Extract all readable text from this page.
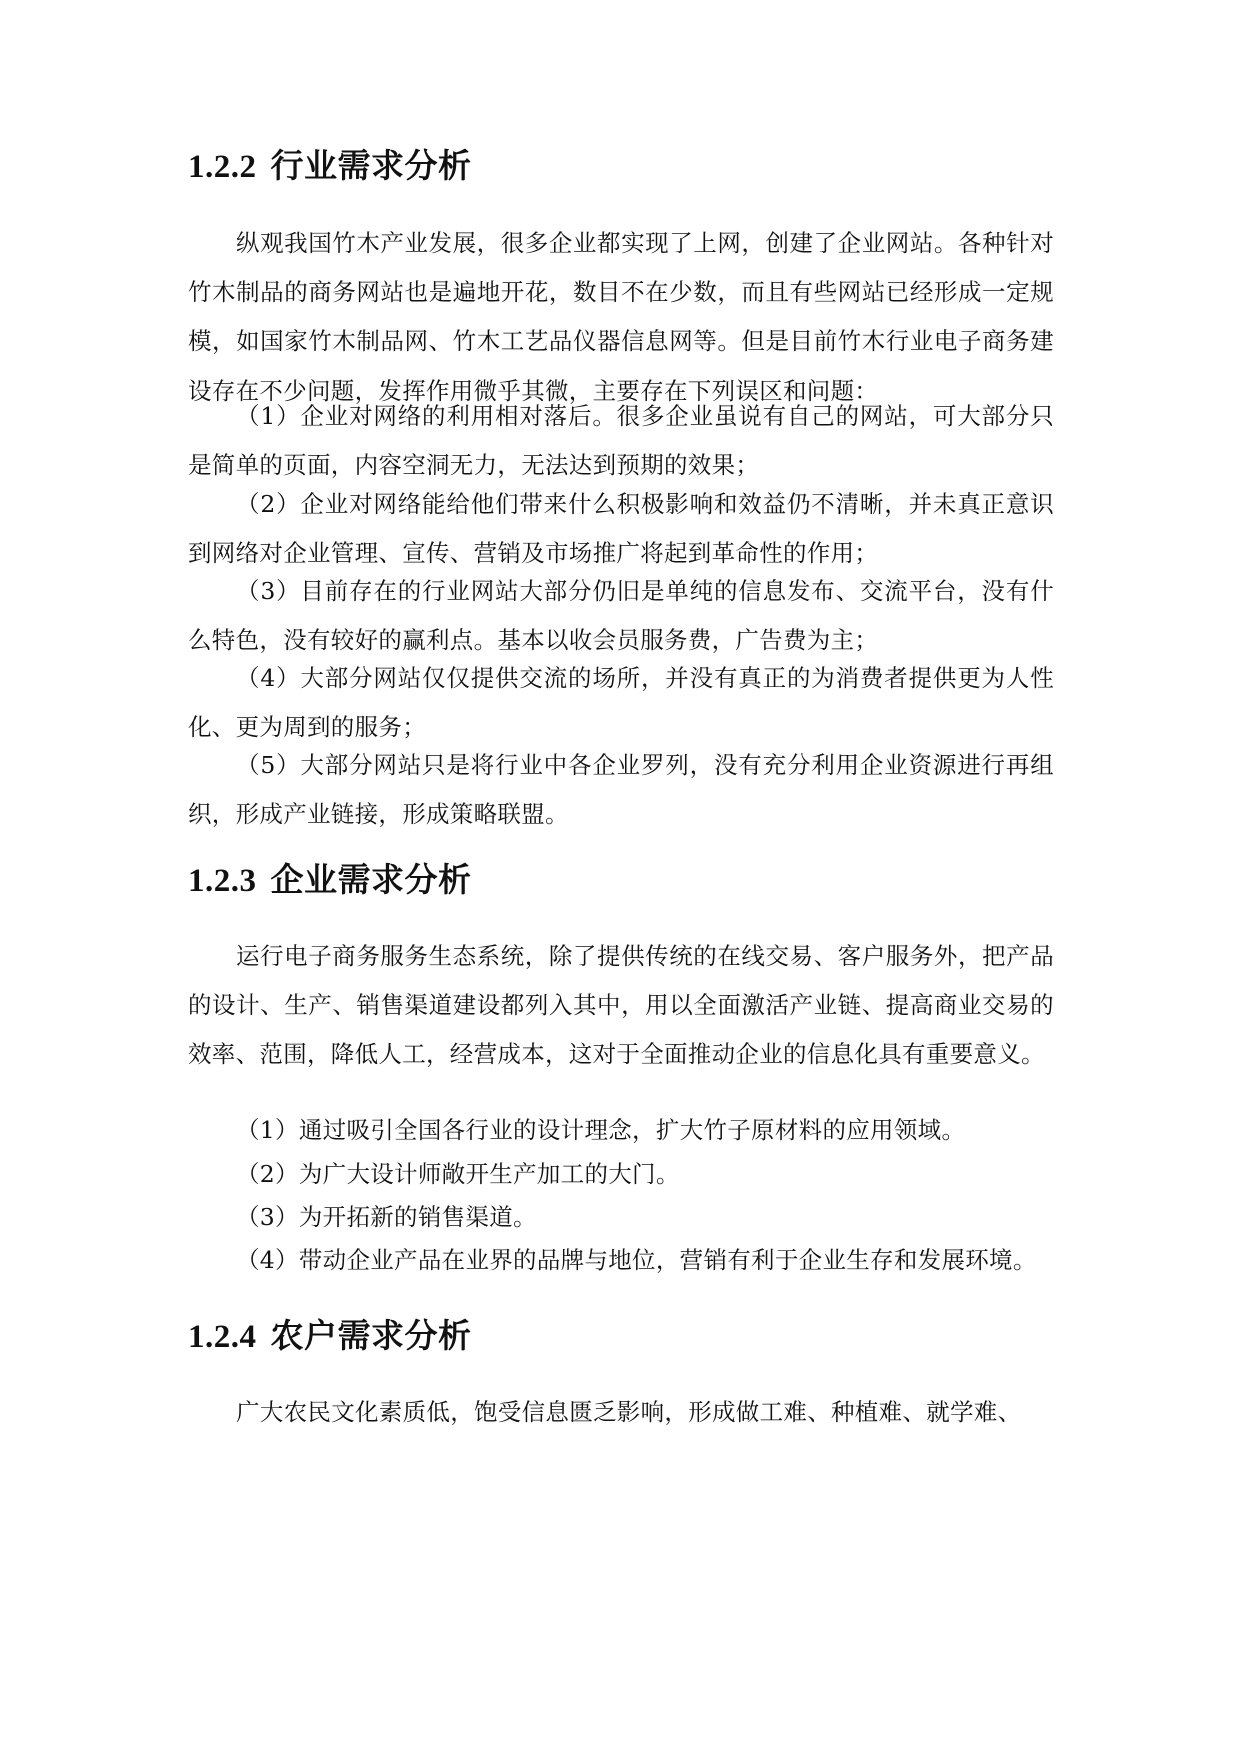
1.2.2 行业需求分析

纵观我国竹木产业发展，很多企业都实现了上网，创建了企业网站。各种针对竹木制品的商务网站也是遍地开花，数目不在少数，而且有些网站已经形成一定规模，如国家竹木制品网、竹木工艺品仪器信息网等。但是目前竹木行业电子商务建设存在不少问题，发挥作用微乎其微，主要存在下列误区和问题：

（1）企业对网络的利用相对落后。很多企业虽说有自己的网站，可大部分只是简单的页面，内容空洞无力，无法达到预期的效果；

（2）企业对网络能给他们带来什么积极影响和效益仍不清晰，并未真正意识到网络对企业管理、宣传、营销及市场推广将起到革命性的作用；

（3）目前存在的行业网站大部分仍旧是单纯的信息发布、交流平台，没有什么特色，没有较好的赢利点。基本以收会员服务费，广告费为主；

（4）大部分网站仅仅提供交流的场所，并没有真正的为消费者提供更为人性化、更为周到的服务；

（5）大部分网站只是将行业中各企业罗列，没有充分利用企业资源进行再组织，形成产业链接，形成策略联盟。

1.2.3 企业需求分析

运行电子商务服务生态系统，除了提供传统的在线交易、客户服务外，把产品的设计、生产、销售渠道建设都列入其中，用以全面激活产业链、提高商业交易的效率、范围，降低人工，经营成本，这对于全面推动企业的信息化具有重要意义。

（1）通过吸引全国各行业的设计理念，扩大竹子原材料的应用领域。

（2）为广大设计师敞开生产加工的大门。

（3）为开拓新的销售渠道。

（4）带动企业产品在业界的品牌与地位，营销有利于企业生存和发展环境。

1.2.4 农户需求分析

广大农民文化素质低，饱受信息匮乏影响，形成做工难、种植难、就学难、
